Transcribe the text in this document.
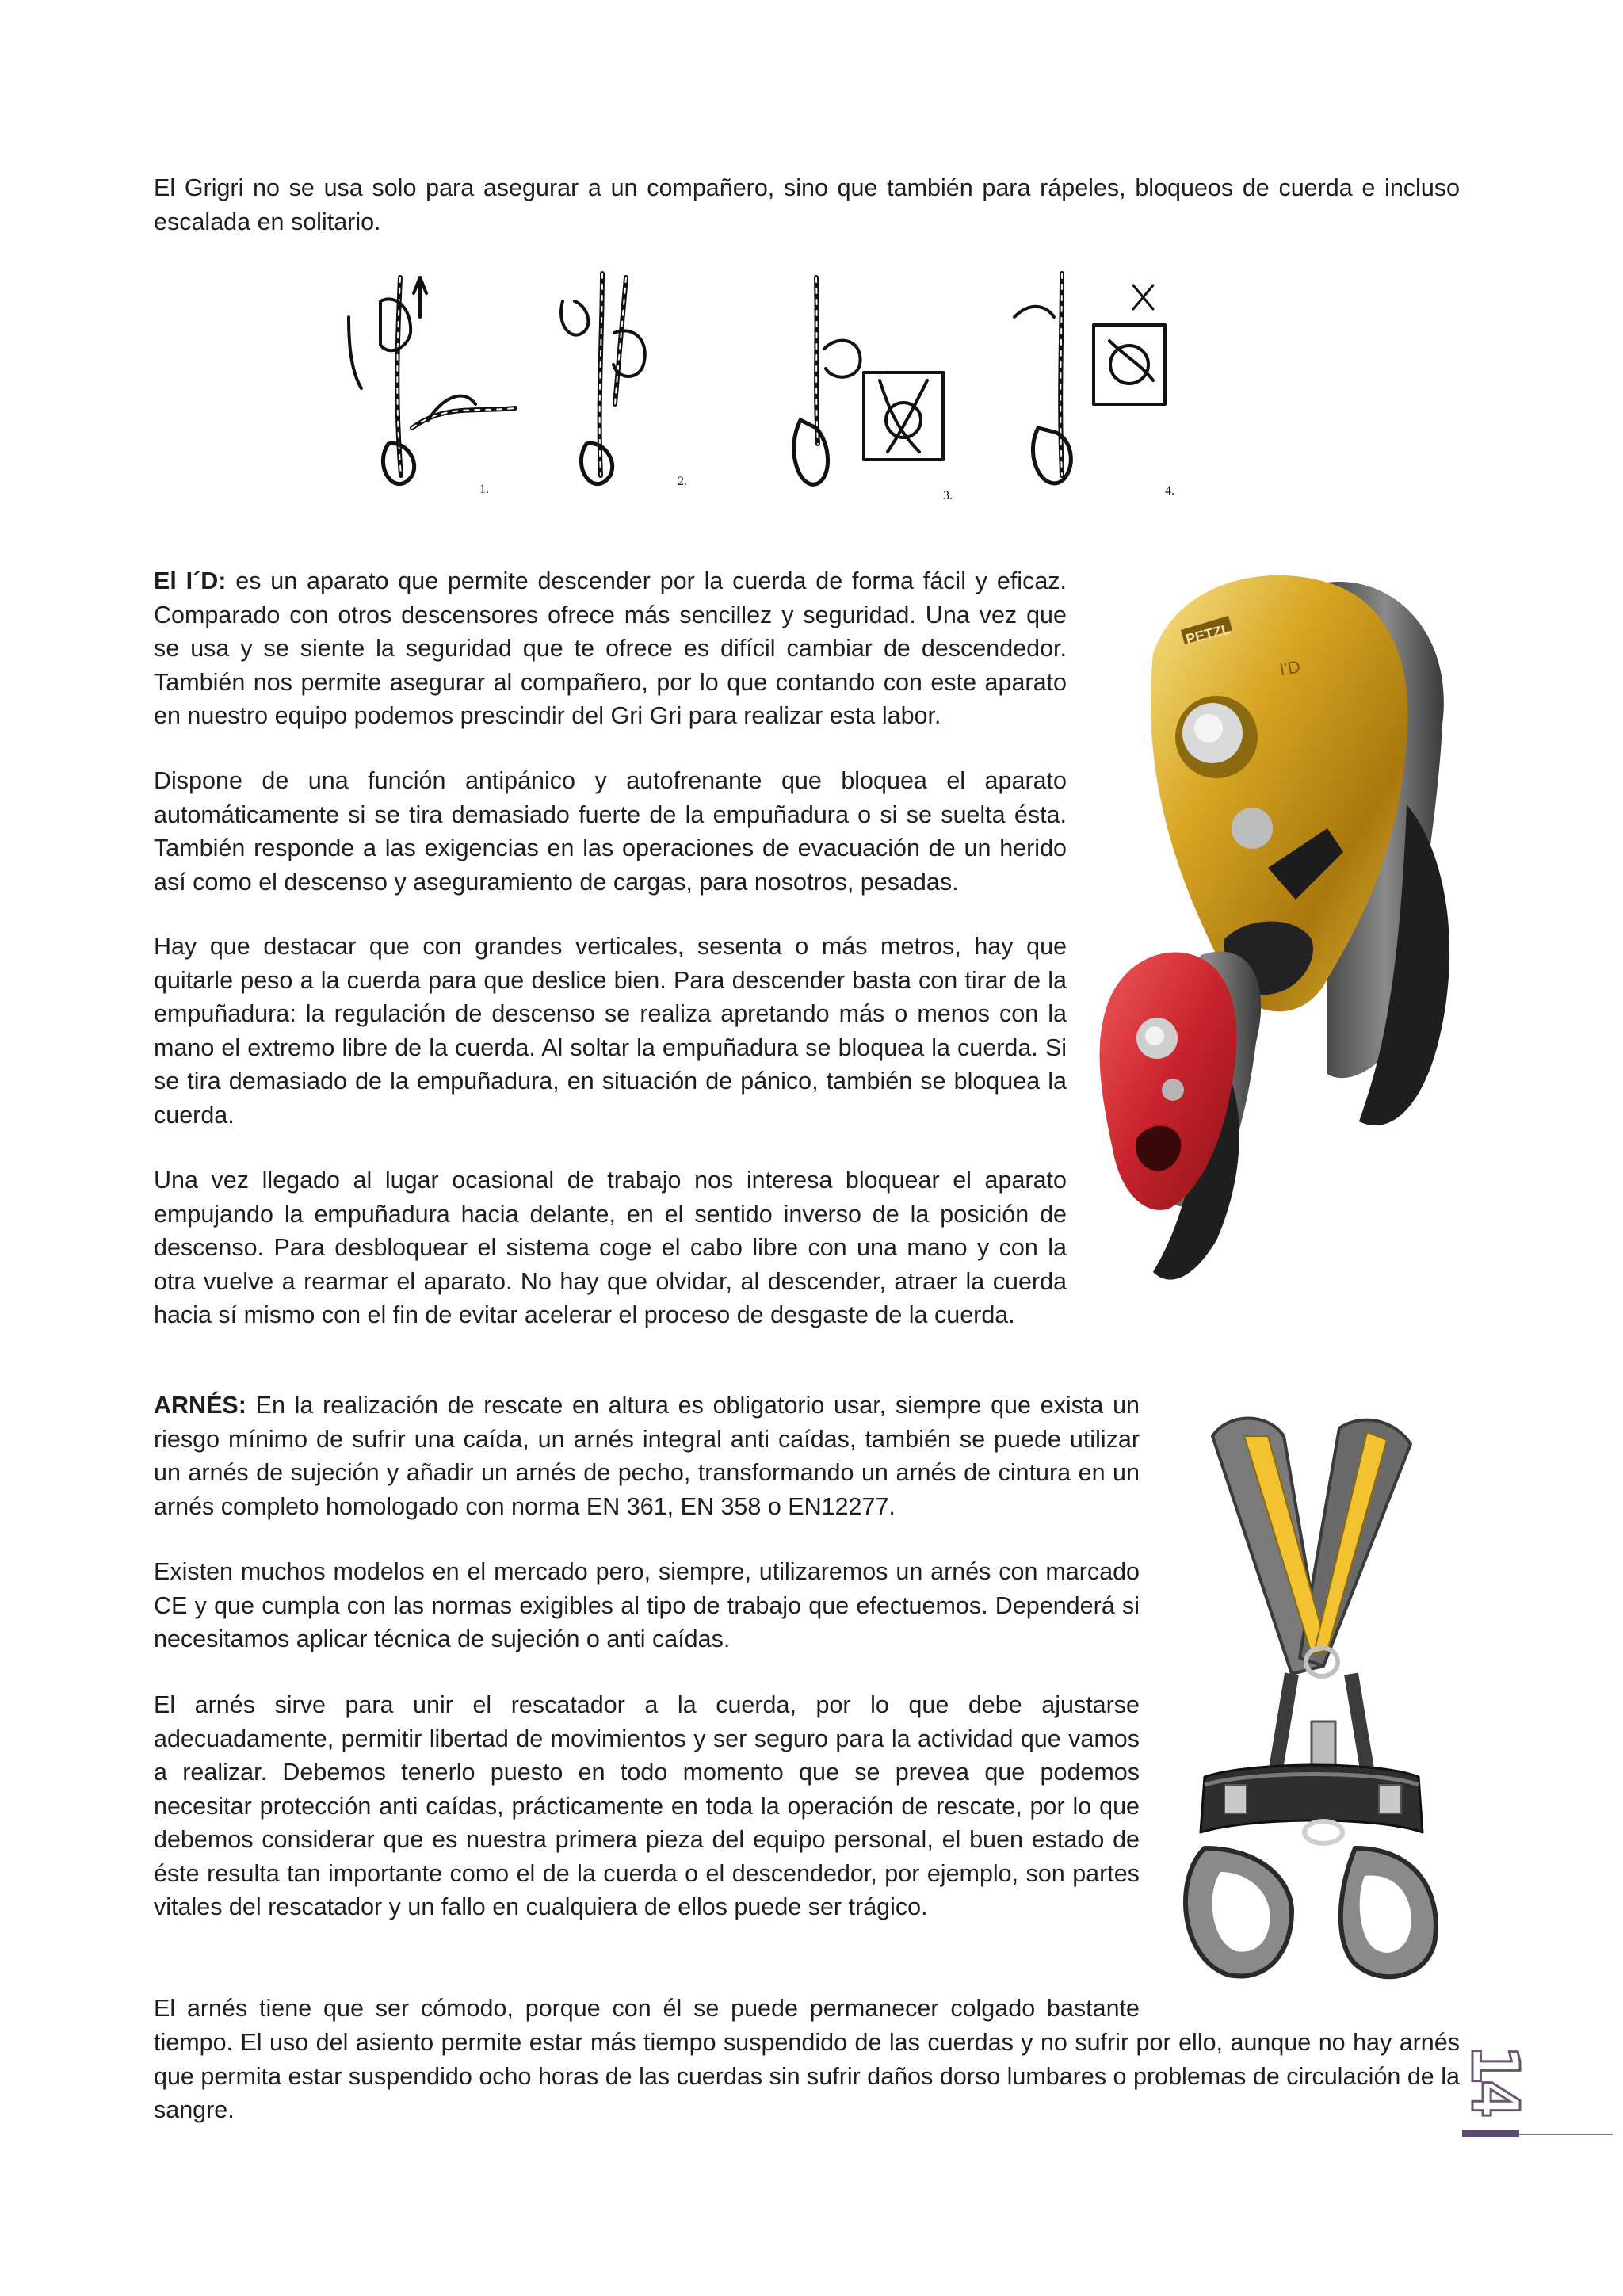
El Grigri no se usa solo para asegurar a un compañero, sino que también para rápeles, bloqueos de cuerda e incluso escalada en solitario.

1.
2.
3.	4.

El I´D: es un aparato que permite descender por la cuerda de forma fácil y eficaz. Comparado con otros descensores ofrece más sencillez y seguridad. Una vez que se usa y se siente la seguridad que te ofrece es difícil cambiar de descendedor. También nos permite asegurar al compañero, por lo que contando con este aparato en nuestro equipo podemos prescindir del Gri Gri para realizar esta labor.

Dispone de una función antipánico y autofrenante que bloquea el aparato automáticamente si se tira demasiado fuerte de la empuñadura o si se suelta ésta. También responde a las exigencias en las operaciones de evacuación de un herido así como el descenso y aseguramiento de cargas, para nosotros, pesadas.

Hay que destacar que con grandes verticales, sesenta o más metros, hay que quitarle peso a la cuerda para que deslice bien. Para descender basta con tirar de la empuñadura: la regulación de descenso se realiza apretando más o menos con la mano el extremo libre de la cuerda. Al soltar la empuñadura se bloquea la cuerda. Si se tira demasiado de la empuñadura, en situación de pánico, también se bloquea la cuerda.

Una vez llegado al lugar ocasional de trabajo nos interesa bloquear el aparato empujando la empuñadura hacia delante, en el sentido inverso de la posición de descenso. Para desbloquear el sistema coge el cabo libre con una mano y con la otra vuelve a rearmar el aparato. No hay que olvidar, al descender, atraer la cuerda hacia sí mismo con el fin de evitar acelerar el proceso de desgaste de la cuerda.

PETZL
I'D

ARNÉS: En la realización de rescate en altura es obligatorio usar, siempre que exista un riesgo mínimo de sufrir una caída, un arnés integral anti caídas, también se puede utilizar un arnés de sujeción y añadir un arnés de pecho, transformando un arnés de cintura en un arnés completo homologado con norma EN 361, EN 358 o EN12277.

Existen muchos modelos en el mercado pero, siempre, utilizaremos un arnés con marcado CE y que cumpla con las normas exigibles al tipo de trabajo que efectuemos. Dependerá si necesitamos aplicar técnica de sujeción o anti caídas.

El arnés sirve para unir el rescatador a la cuerda, por lo que debe ajustarse adecuadamente, permitir libertad de movimientos y ser seguro para la actividad que vamos a realizar. Debemos tenerlo puesto en todo momento que se prevea que podemos necesitar protección anti caídas, prácticamente en toda la operación de rescate, por lo que debemos considerar que es nuestra primera pieza del equipo personal, el buen estado de éste resulta tan importante como el de la cuerda o el descendedor, por ejemplo, son partes vitales del rescatador y un fallo en cualquiera de ellos puede ser trágico.

El arnés tiene que ser cómodo, porque con él se puede permanecer colgado bastante

tiempo. El uso del asiento permite estar más tiempo suspendido de las cuerdas y no sufrir por ello, aunque no hay arnés que permita estar suspendido ocho horas de las cuerdas sin sufrir daños dorso lumbares o problemas de circulación de la sangre.	14
